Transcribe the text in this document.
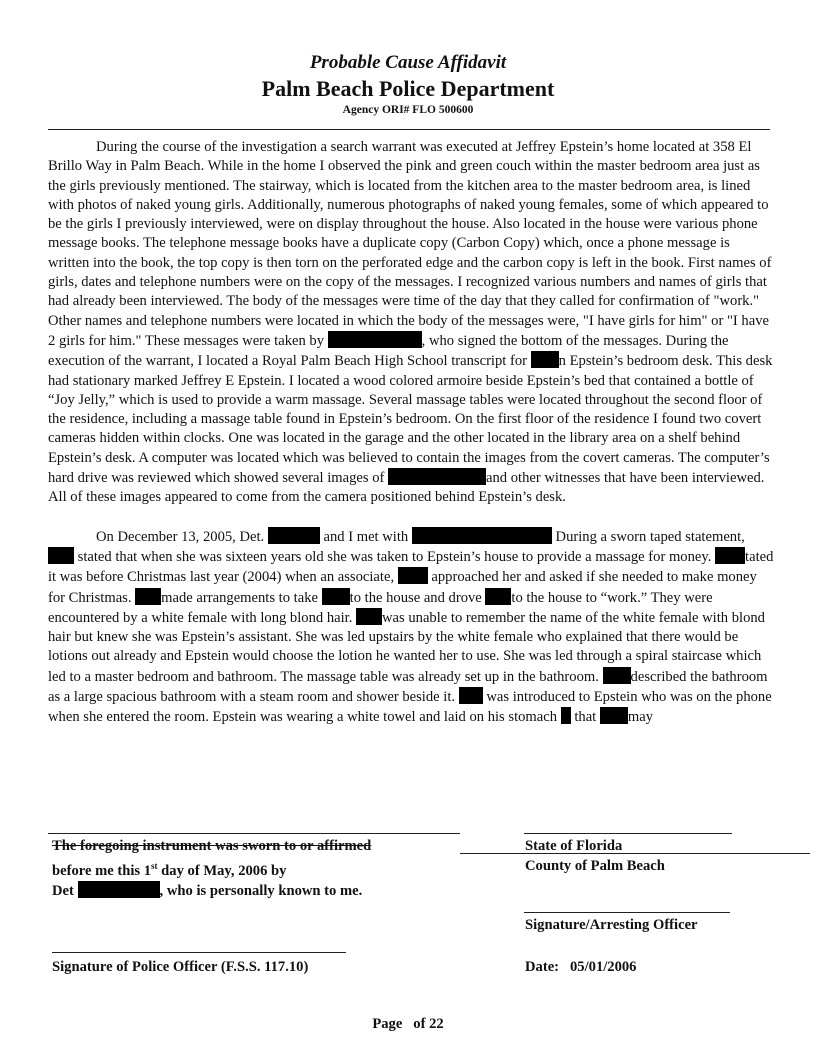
Probable Cause Affidavit
Palm Beach Police Department
Agency ORI# FLO 500600

During the course of the investigation a search warrant was executed at Jeffrey Epstein’s home located at 358 El Brillo Way in Palm Beach. While in the home I observed the pink and green couch within the master bedroom area just as the girls previously mentioned. The stairway, which is located from the kitchen area to the master bedroom area, is lined with photos of naked young girls. Additionally, numerous photographs of naked young females, some of which appeared to be the girls I previously interviewed, were on display throughout the house. Also located in the house were various phone message books. The telephone message books have a duplicate copy (Carbon Copy) which, once a phone message is written into the book, the top copy is then torn on the perforated edge and the carbon copy is left in the book. First names of girls, dates and telephone numbers were on the copy of the messages. I recognized various numbers and names of girls that had already been interviewed. The body of the messages were time of the day that they called for confirmation of "work." Other names and telephone numbers were located in which the body of the messages were, "I have girls for him" or "I have 2 girls for him." These messages were taken by	, who signed the bottom of the messages. During the execution of the warrant, I located a Royal Palm Beach High School transcript for n Epstein’s bedroom desk. This desk had stationary marked Jeffrey E Epstein. I located a wood colored armoire beside Epstein’s bed that contained a bottle of “Joy Jelly,” which is used to provide a warm massage. Several massage tables were located throughout the second floor of the residence, including a massage table found in Epstein’s bedroom. On the first floor of the residence I found two covert cameras hidden within clocks. One was located in the garage and the other located in the library area on a shelf behind Epstein’s desk. A computer was located which was believed to contain the images from the covert cameras. The computer’s hard drive was reviewed which showed several images of	and other witnesses that have been interviewed. All of these images appeared to come from the camera positioned behind Epstein’s desk.

On December 13, 2005, Det.	and I met with	During a sworn taped statement,  stated that when she was sixteen years old she was taken to Epstein’s house to provide a massage for money. tated it was before Christmas last year (2004) when an associate,	approached her and asked if she needed to make money for Christmas. made arrangements to take to the house and drove to the house to “work.” They were encountered by a white female with long blond hair. was unable to remember the name of the white female with blond hair but knew she was Epstein’s assistant. She was led upstairs by the white female who explained that there would be lotions out already and Epstein would choose the lotion he wanted her to use. She was led through a spiral staircase which led to a master bedroom and bathroom. The massage table was already set up in the bathroom. described the bathroom as a large spacious bathroom with a steam room and shower beside it. was introduced to Epstein who was on the phone when she entered the room. Epstein was wearing a white towel and laid on his stomach that may

The foregoing instrument was sworn to or affirmed
before me this 1st day of May, 2006 by
Det	, who is personally known to me.
State of Florida
County of Palm Beach
Signature/Arresting Officer
Signature of Police Officer (F.S.S. 117.10)	Date: 05/01/2006
Page of 22
